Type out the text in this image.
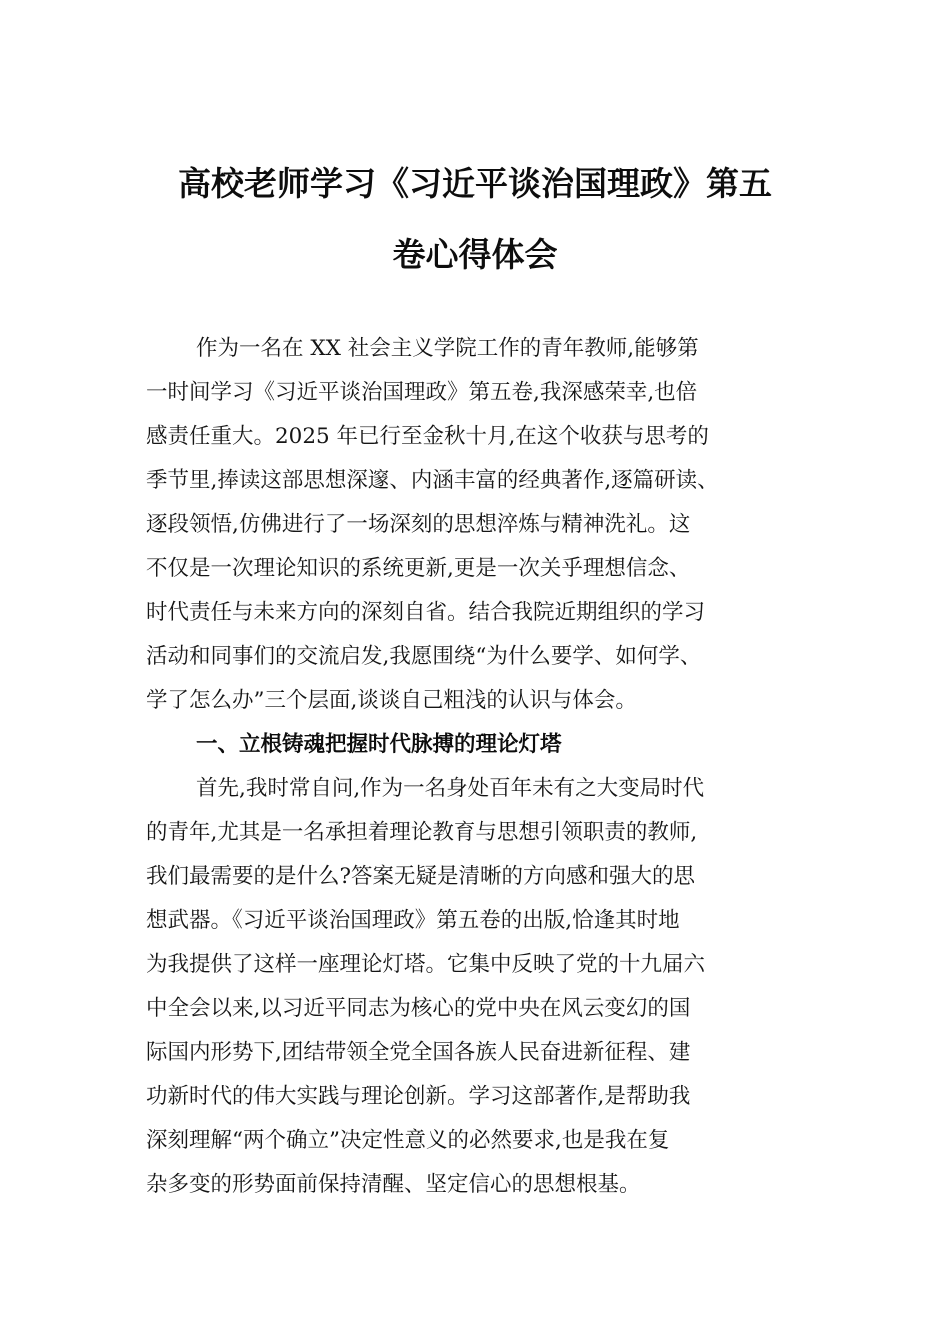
高校老师学习《习近平谈治国理政》第五
卷心得体会
作为一名在 XX 社会主义学院工作的青年教师,能够第
一时间学习《习近平谈治国理政》第五卷,我深感荣幸,也倍
感责任重大。2025 年已行至金秋十月,在这个收获与思考的
季节里,捧读这部思想深邃、内涵丰富的经典著作,逐篇研读、
逐段领悟,仿佛进行了一场深刻的思想淬炼与精神洗礼。这
不仅是一次理论知识的系统更新,更是一次关乎理想信念、
时代责任与未来方向的深刻自省。结合我院近期组织的学习
活动和同事们的交流启发,我愿围绕“为什么要学、如何学、
学了怎么办”三个层面,谈谈自己粗浅的认识与体会。
一、立根铸魂把握时代脉搏的理论灯塔
首先,我时常自问,作为一名身处百年未有之大变局时代
的青年,尤其是一名承担着理论教育与思想引领职责的教师,
我们最需要的是什么?答案无疑是清晰的方向感和强大的思
想武器。《习近平谈治国理政》第五卷的出版,恰逢其时地
为我提供了这样一座理论灯塔。它集中反映了党的十九届六
中全会以来,以习近平同志为核心的党中央在风云变幻的国
际国内形势下,团结带领全党全国各族人民奋进新征程、建
功新时代的伟大实践与理论创新。学习这部著作,是帮助我
深刻理解“两个确立”决定性意义的必然要求,也是我在复
杂多变的形势面前保持清醒、坚定信心的思想根基。
